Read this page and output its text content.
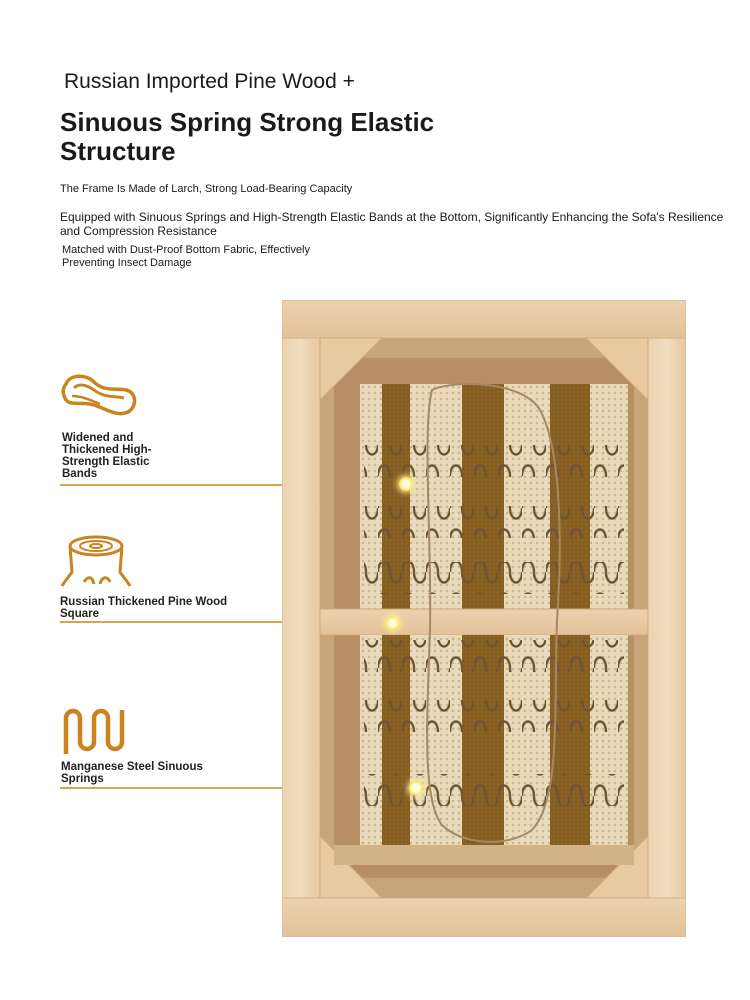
Russian Imported Pine Wood +
Sinuous Spring Strong Elastic Structure
The Frame Is Made of Larch, Strong Load-Bearing Capacity
Equipped with Sinuous Springs and High-Strength Elastic Bands at the Bottom, Significantly Enhancing the Sofa's Resilience and Compression Resistance
Matched with Dust-Proof Bottom Fabric, Effectively Preventing Insect Damage
Widened and Thickened High-Strength Elastic Bands
Russian Thickened Pine Wood Square
Manganese Steel Sinuous Springs
